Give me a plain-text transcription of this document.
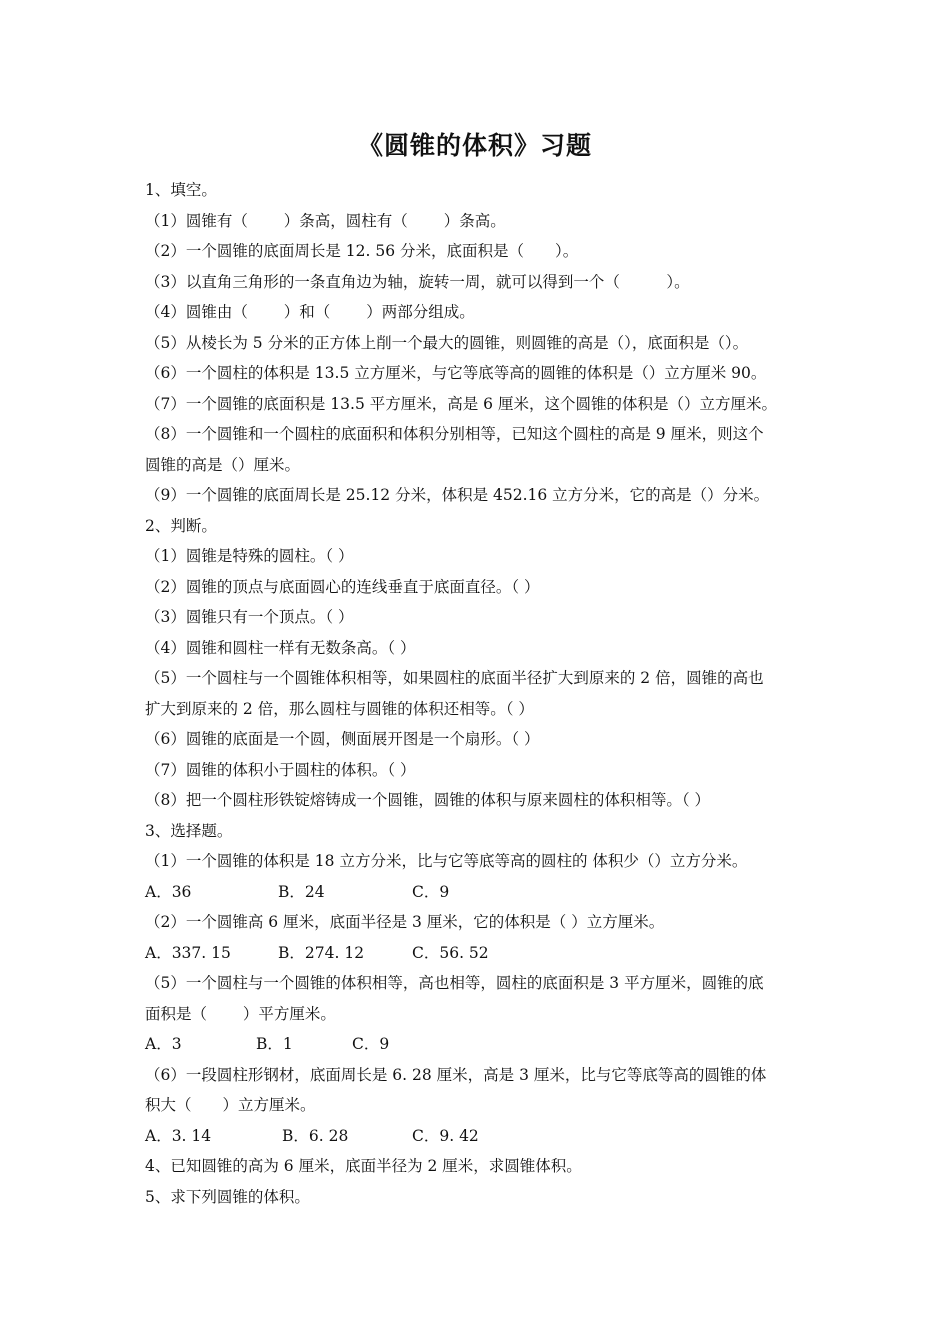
《圆锥的体积》习题
1、填空。
（1）圆锥有（　　 ）条高，圆柱有（　　 ）条高。
（2）一个圆锥的底面周长是 12. 56 分米，底面积是（　　）。
（3）以直角三角形的一条直角边为轴，旋转一周，就可以得到一个（　　　）。
（4）圆锥由（　　 ）和（　　 ）两部分组成。
（5）从棱长为 5 分米的正方体上削一个最大的圆锥，则圆锥的高是（），底面积是（）。
（6）一个圆柱的体积是 13.5 立方厘米，与它等底等高的圆锥的体积是（）立方厘米 90。
（7）一个圆锥的底面积是 13.5 平方厘米，高是 6 厘米，这个圆锥的体积是（）立方厘米。
（8）一个圆锥和一个圆柱的底面积和体积分别相等，已知这个圆柱的高是 9 厘米，则这个
圆锥的高是（）厘米。
（9）一个圆锥的底面周长是 25.12 分米，体积是 452.16 立方分米，它的高是（）分米。
2、判断。
（1）圆锥是特殊的圆柱。（ ）
（2）圆锥的顶点与底面圆心的连线垂直于底面直径。（ ）
（3）圆锥只有一个顶点。（ ）
（4）圆锥和圆柱一样有无数条高。（ ）
（5）一个圆柱与一个圆锥体积相等，如果圆柱的底面半径扩大到原来的 2 倍，圆锥的高也
扩大到原来的 2 倍，那么圆柱与圆锥的体积还相等。（ ）
（6）圆锥的底面是一个圆，侧面展开图是一个扇形。（ ）
（7）圆锥的体积小于圆柱的体积。（ ）
（8）把一个圆柱形铁锭熔铸成一个圆锥，圆锥的体积与原来圆柱的体积相等。（ ）
3、选择题。
（1）一个圆锥的体积是 18 立方分米，比与它等底等高的圆柱的 体积少（）立方分米。
A．36	B．24	C．9
（2）一个圆锥高 6 厘米，底面半径是 3 厘米，它的体积是（ ）立方厘米。
A．337. 15	B．274. 12	C．56. 52
（5）一个圆柱与一个圆锥的体积相等，高也相等，圆柱的底面积是 3 平方厘米，圆锥的底
面积是（　　 ）平方厘米。
A．3	B．1	C．9
（6）一段圆柱形钢材，底面周长是 6. 28 厘米，高是 3 厘米，比与它等底等高的圆锥的体
积大（　　）立方厘米。
A．3. 14	B．6. 28	C．9. 42
4、已知圆锥的高为 6 厘米，底面半径为 2 厘米，求圆锥体积。
5、求下列圆锥的体积。
